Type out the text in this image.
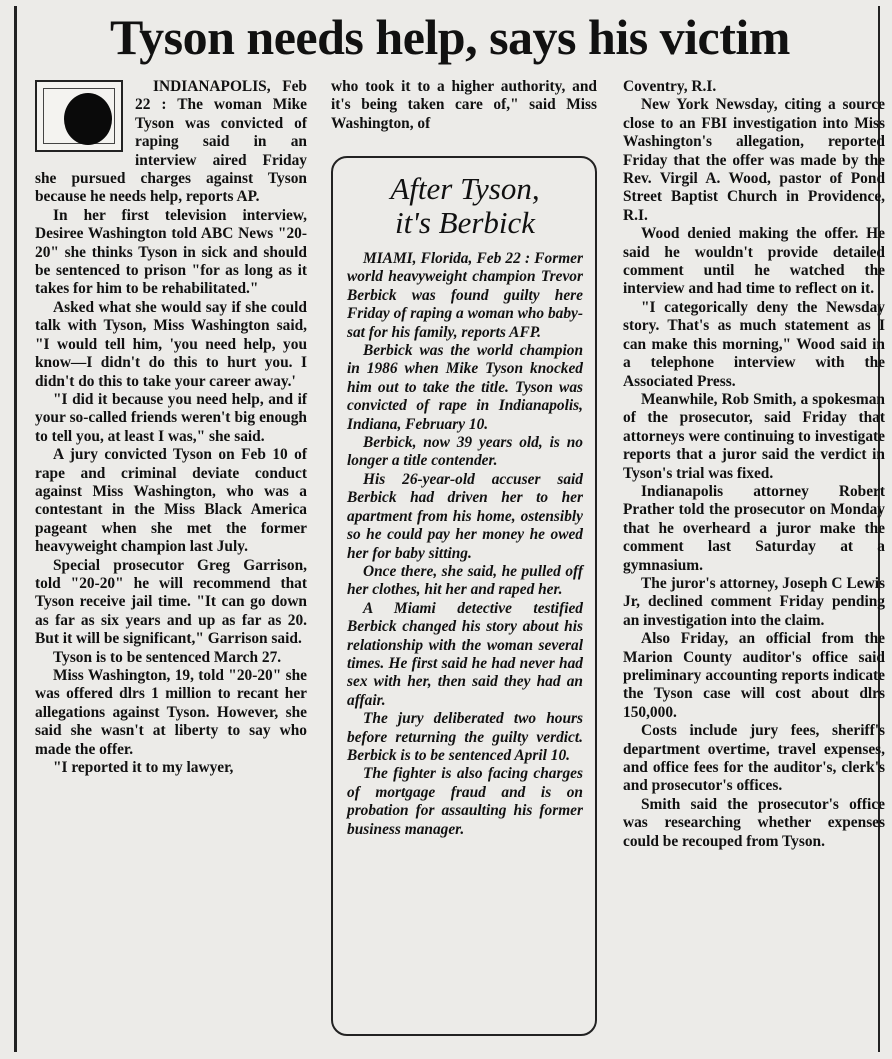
Tyson needs help, says his victim

INDIANAPOLIS, Feb 22 : The woman Mike Tyson was convicted of raping said in an interview aired Friday she pursued charges against Tyson because he needs help, reports AP.

In her first television interview, Desiree Washington told ABC News "20-20" she thinks Tyson in sick and should be sentenced to prison "for as long as it takes for him to be rehabilitated."

Asked what she would say if she could talk with Tyson, Miss Washington said, "I would tell him, 'you need help, you know—I didn't do this to hurt you. I didn't do this to take your career away.'

"I did it because you need help, and if your so-called friends weren't big enough to tell you, at least I was," she said.

A jury convicted Tyson on Feb 10 of rape and criminal deviate conduct against Miss Washington, who was a contestant in the Miss Black America pageant when she met the former heavyweight champion last July.

Special prosecutor Greg Garrison, told "20-20" he will recommend that Tyson receive jail time. "It can go down as far as six years and up as far as 20. But it will be significant," Garrison said.

Tyson is to be sentenced March 27.

Miss Washington, 19, told "20-20" she was offered dlrs 1 million to recant her allegations against Tyson. However, she said she wasn't at liberty to say who made the offer.

"I reported it to my lawyer,

who took it to a higher authority, and it's being taken care of," said Miss Washington, of

After Tyson,
it's Berbick

MIAMI, Florida, Feb 22 : Former world heavyweight champion Trevor Berbick was found guilty here Friday of raping a woman who baby-sat for his family, reports AFP.

Berbick was the world champion in 1986 when Mike Tyson knocked him out to take the title. Tyson was convicted of rape in Indianapolis, Indiana, February 10.

Berbick, now 39 years old, is no longer a title contender.

His 26-year-old accuser said Berbick had driven her to her apartment from his home, ostensibly so he could pay her money he owed her for baby sitting.

Once there, she said, he pulled off her clothes, hit her and raped her.

A Miami detective testified Berbick changed his story about his relationship with the woman several times. He first said he had never had sex with her, then said they had an affair.

The jury deliberated two hours before returning the guilty verdict. Berbick is to be sentenced April 10.

The fighter is also facing charges of mortgage fraud and is on probation for assaulting his former business manager.

Coventry, R.I.

New York Newsday, citing a source close to an FBI investigation into Miss Washington's allegation, reported Friday that the offer was made by the Rev. Virgil A. Wood, pastor of Pond Street Baptist Church in Providence, R.I.

Wood denied making the offer. He said he wouldn't provide detailed comment until he watched the interview and had time to reflect on it.

"I categorically deny the Newsday story. That's as much statement as I can make this morning," Wood said in a telephone interview with the Associated Press.

Meanwhile, Rob Smith, a spokesman of the prosecutor, said Friday that attorneys were continuing to investigate reports that a juror said the verdict in Tyson's trial was fixed.

Indianapolis attorney Robert Prather told the prosecutor on Monday that he overheard a juror make the comment last Saturday at a gymnasium.

The juror's attorney, Joseph C Lewis Jr, declined comment Friday pending an investigation into the claim.

Also Friday, an official from the Marion County auditor's office said preliminary accounting reports indicate the Tyson case will cost about dlrs 150,000.

Costs include jury fees, sheriff's department overtime, travel expenses, and office fees for the auditor's, clerk's and prosecutor's offices.

Smith said the prosecutor's office was researching whether expenses could be recouped from Tyson.
